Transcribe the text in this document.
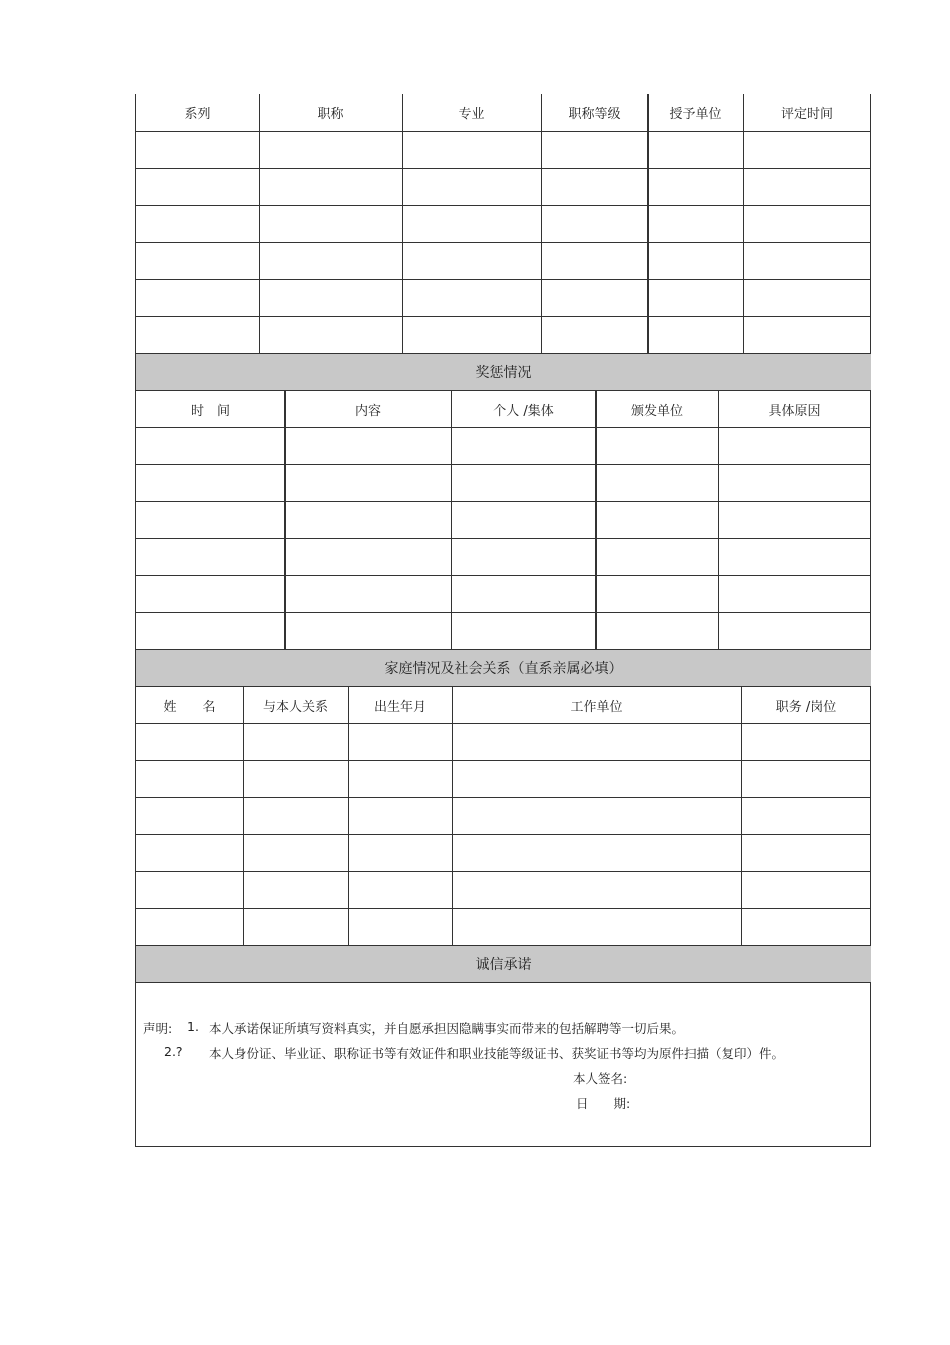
系列	职称	专业	职称等级	授予单位	评定时间
奖惩情况
时　间	内容	个人 /集体	颁发单位	具体原因
家庭情况及社会关系（直系亲属必填）
姓　　名	与本人关系	出生年月	工作单位	职务 /岗位
诚信承诺
声明: 1. 本人承诺保证所填写资料真实，并自愿承担因隐瞒事实而带来的包括解聘等一切后果。
2.? 本人身份证、毕业证、职称证书等有效证件和职业技能等级证书、获奖证书等均为原件扫描（复印）件。
本人签名:
日　　期:
